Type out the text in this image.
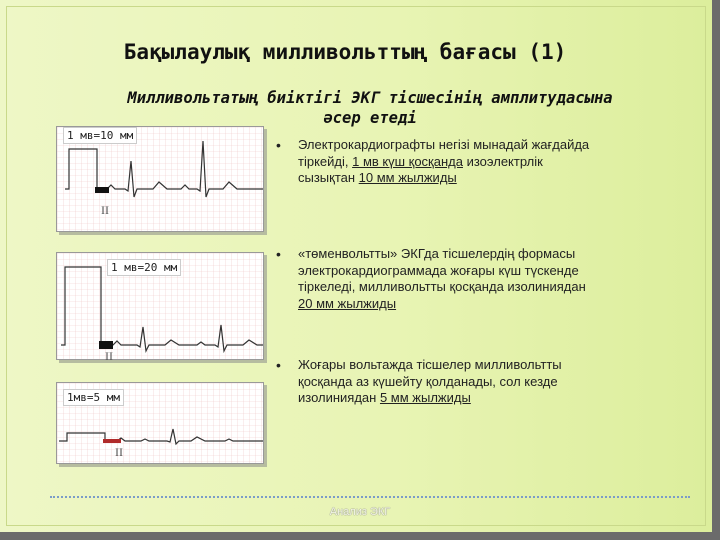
Бақылаулық милливольттың бағасы (1)
Милливольтатың биіктігі ЭКГ тісшесінің амплитудасына
әсер етеді
1 мв=10 мм
II
1 мв=20 мм
II
1мв=5 мм
II
• Электрокардиографты негізі мынадай жағдайда
тіркейді, 1 мв күш қосқанда изоэлектрлік
сызықтан 10 мм жылжиды
• «төменвольтты» ЭКГда тісшелердің формасы
электрокардиограммада жоғары күш түскенде
тіркеледі, милливольтты қосқанда изолиниядан
20 мм жылжиды
• Жоғары вольтажда тісшелер милливольтты
қосқанда аз күшейту қолданады, сол кезде
изолиниядан 5 мм жылжиды
Анализ ЭКГ
